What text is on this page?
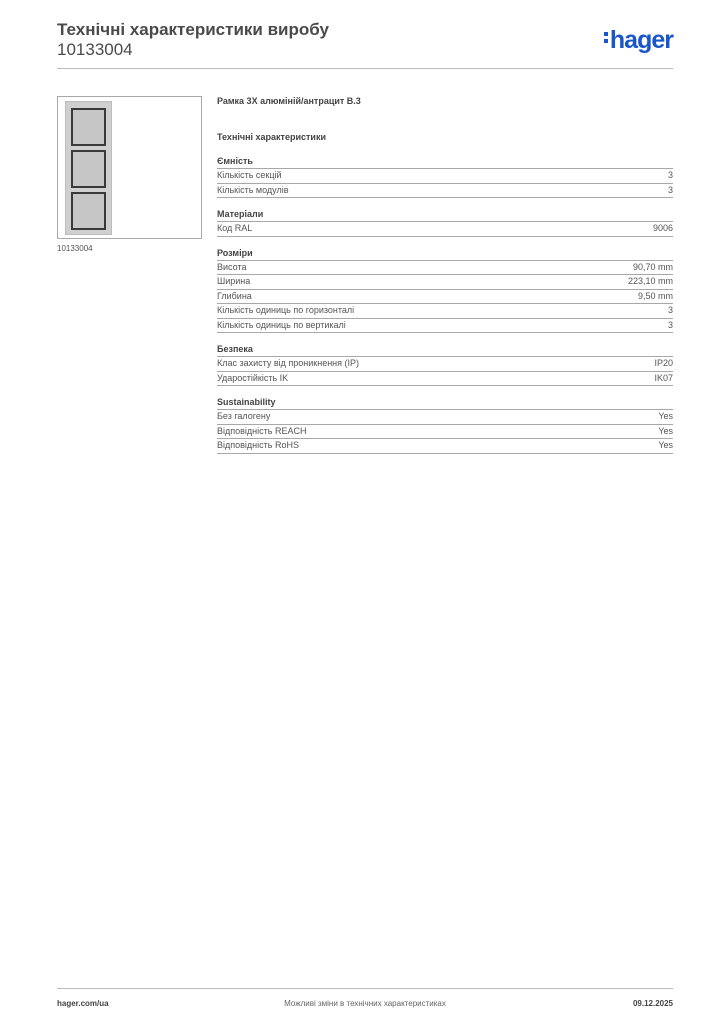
Технічні характеристики виробу
10133004	hager
10133004
Рамка 3X алюміній/антрацит B.3
Технічні характеристики
Ємність
Кількість секцій	3
Кількість модулів	3
Матеріали
Код RAL	9006
Розміри
Висота	90,70 mm
Ширина	223,10 mm
Глибина	9,50 mm
Кількість одиниць по горизонталі	3
Кількість одиниць по вертикалі	3
Безпека
Клас захисту від проникнення (IP)	IP20
Ударостійкість IK	IK07
Sustainability
Без галогену	Yes
Відповідність REACH	Yes
Відповідність RoHS	Yes
hager.com/ua	Можливі зміни в технічних характеристиках	09.12.2025
